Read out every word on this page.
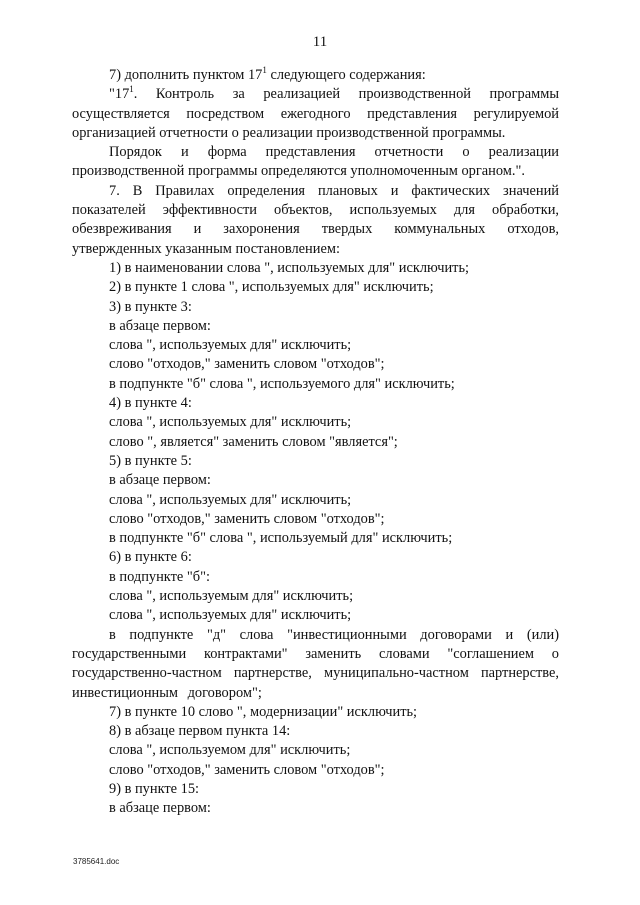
11

7) дополнить пунктом $17^1$ следующего содержания:

"$17^1$. Контроль за реализацией производственной программы осуществляется посредством ежегодного представления регулируемой организацией отчетности о реализации производственной программы.

Порядок и форма представления отчетности о реализации производственной программы определяются уполномоченным органом.".

7. В Правилах определения плановых и фактических значений показателей эффективности объектов, используемых для обработки, обезвреживания и захоронения твердых коммунальных отходов, утвержденных указанным постановлением:

1) в наименовании слова ", используемых для" исключить;

2) в пункте 1 слова ", используемых для" исключить;

3) в пункте 3:

в абзаце первом:

слова ", используемых для" исключить;

слово "отходов," заменить словом "отходов";

в подпункте "б" слова ", используемого для" исключить;

4) в пункте 4:

слова ", используемых для" исключить;

слово ", является" заменить словом "является";

5) в пункте 5:

в абзаце первом:

слова ", используемых для" исключить;

слово "отходов," заменить словом "отходов";

в подпункте "б" слова ", используемый для" исключить;

6) в пункте 6:

в подпункте "б":

слова ", используемым для" исключить;

слова ", используемых для" исключить;

в подпункте "д" слова "инвестиционными договорами и (или) государственными контрактами" заменить словами "соглашением о государственно-частном партнерстве, муниципально-частном партнерстве, инвестиционным договором";

7) в пункте 10 слово ", модернизации" исключить;

8) в абзаце первом пункта 14:

слова ", используемом для" исключить;

слово "отходов," заменить словом "отходов";

9) в пункте 15:

в абзаце первом:

3785641.doc
